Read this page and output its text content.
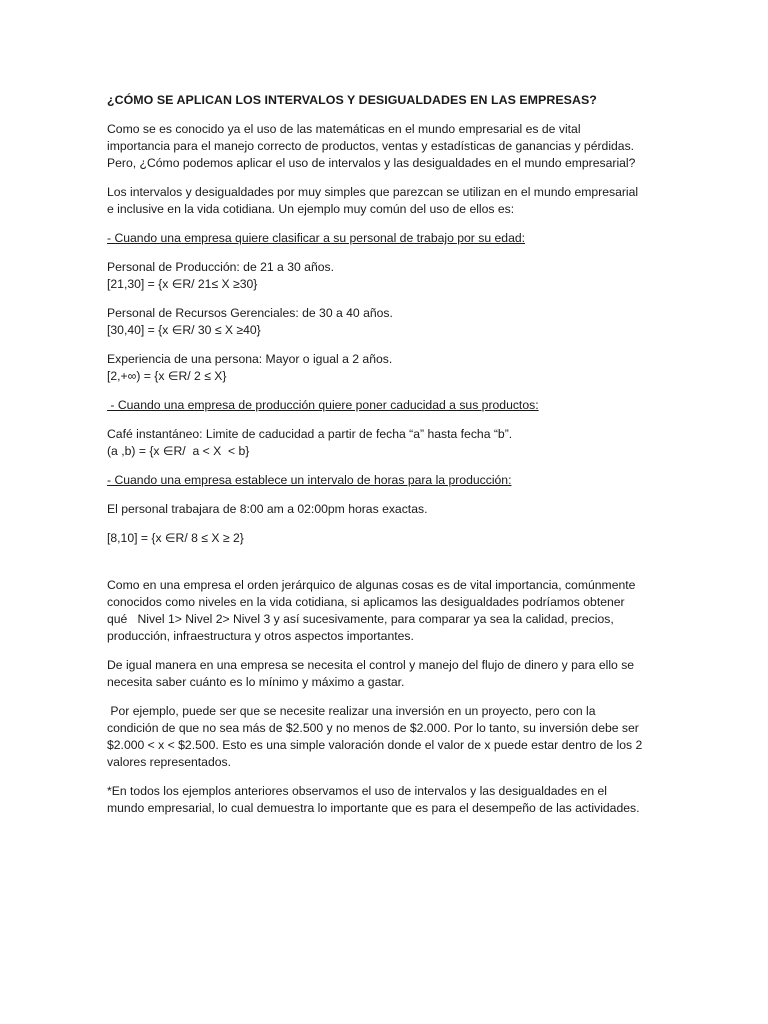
¿CÓMO SE APLICAN LOS INTERVALOS Y DESIGUALDADES EN LAS EMPRESAS?

Como se es conocido ya el uso de las matemáticas en el mundo empresarial es de vital

importancia para el manejo correcto de productos, ventas y estadísticas de ganancias y pérdidas.

Pero, ¿Cómo podemos aplicar el uso de intervalos y las desigualdades en el mundo empresarial?

Los intervalos y desigualdades por muy simples que parezcan se utilizan en el mundo empresarial

e inclusive en la vida cotidiana. Un ejemplo muy común del uso de ellos es:

- Cuando una empresa quiere clasificar a su personal de trabajo por su edad:

Personal de Producción: de 21 a 30 años.

[21,30] = {x ∈R/ 21≤ X ≥30}

Personal de Recursos Gerenciales: de 30 a 40 años.

[30,40] = {x ∈R/ 30 ≤ X ≥40}

Experiencia de una persona: Mayor o igual a 2 años.

[2,+∞) = {x ∈R/ 2 ≤ X}

- Cuando una empresa de producción quiere poner caducidad a sus productos:

Café instantáneo: Limite de caducidad a partir de fecha “a” hasta fecha “b”.

(a ,b) = {x ∈R/  a < X  < b}

- Cuando una empresa establece un intervalo de horas para la producción:

El personal trabajara de 8:00 am a 02:00pm horas exactas.

[8,10] = {x ∈R/ 8 ≤ X ≥ 2}

Como en una empresa el orden jerárquico de algunas cosas es de vital importancia, comúnmente

conocidos como niveles en la vida cotidiana, si aplicamos las desigualdades podríamos obtener

qué   Nivel 1> Nivel 2> Nivel 3 y así sucesivamente, para comparar ya sea la calidad, precios,

producción, infraestructura y otros aspectos importantes.

De igual manera en una empresa se necesita el control y manejo del flujo de dinero y para ello se

necesita saber cuánto es lo mínimo y máximo a gastar.

Por ejemplo, puede ser que se necesite realizar una inversión en un proyecto, pero con la

condición de que no sea más de $2.500 y no menos de $2.000. Por lo tanto, su inversión debe ser

$2.000 < x < $2.500. Esto es una simple valoración donde el valor de x puede estar dentro de los 2

valores representados.

*En todos los ejemplos anteriores observamos el uso de intervalos y las desigualdades en el

mundo empresarial, lo cual demuestra lo importante que es para el desempeño de las actividades.
